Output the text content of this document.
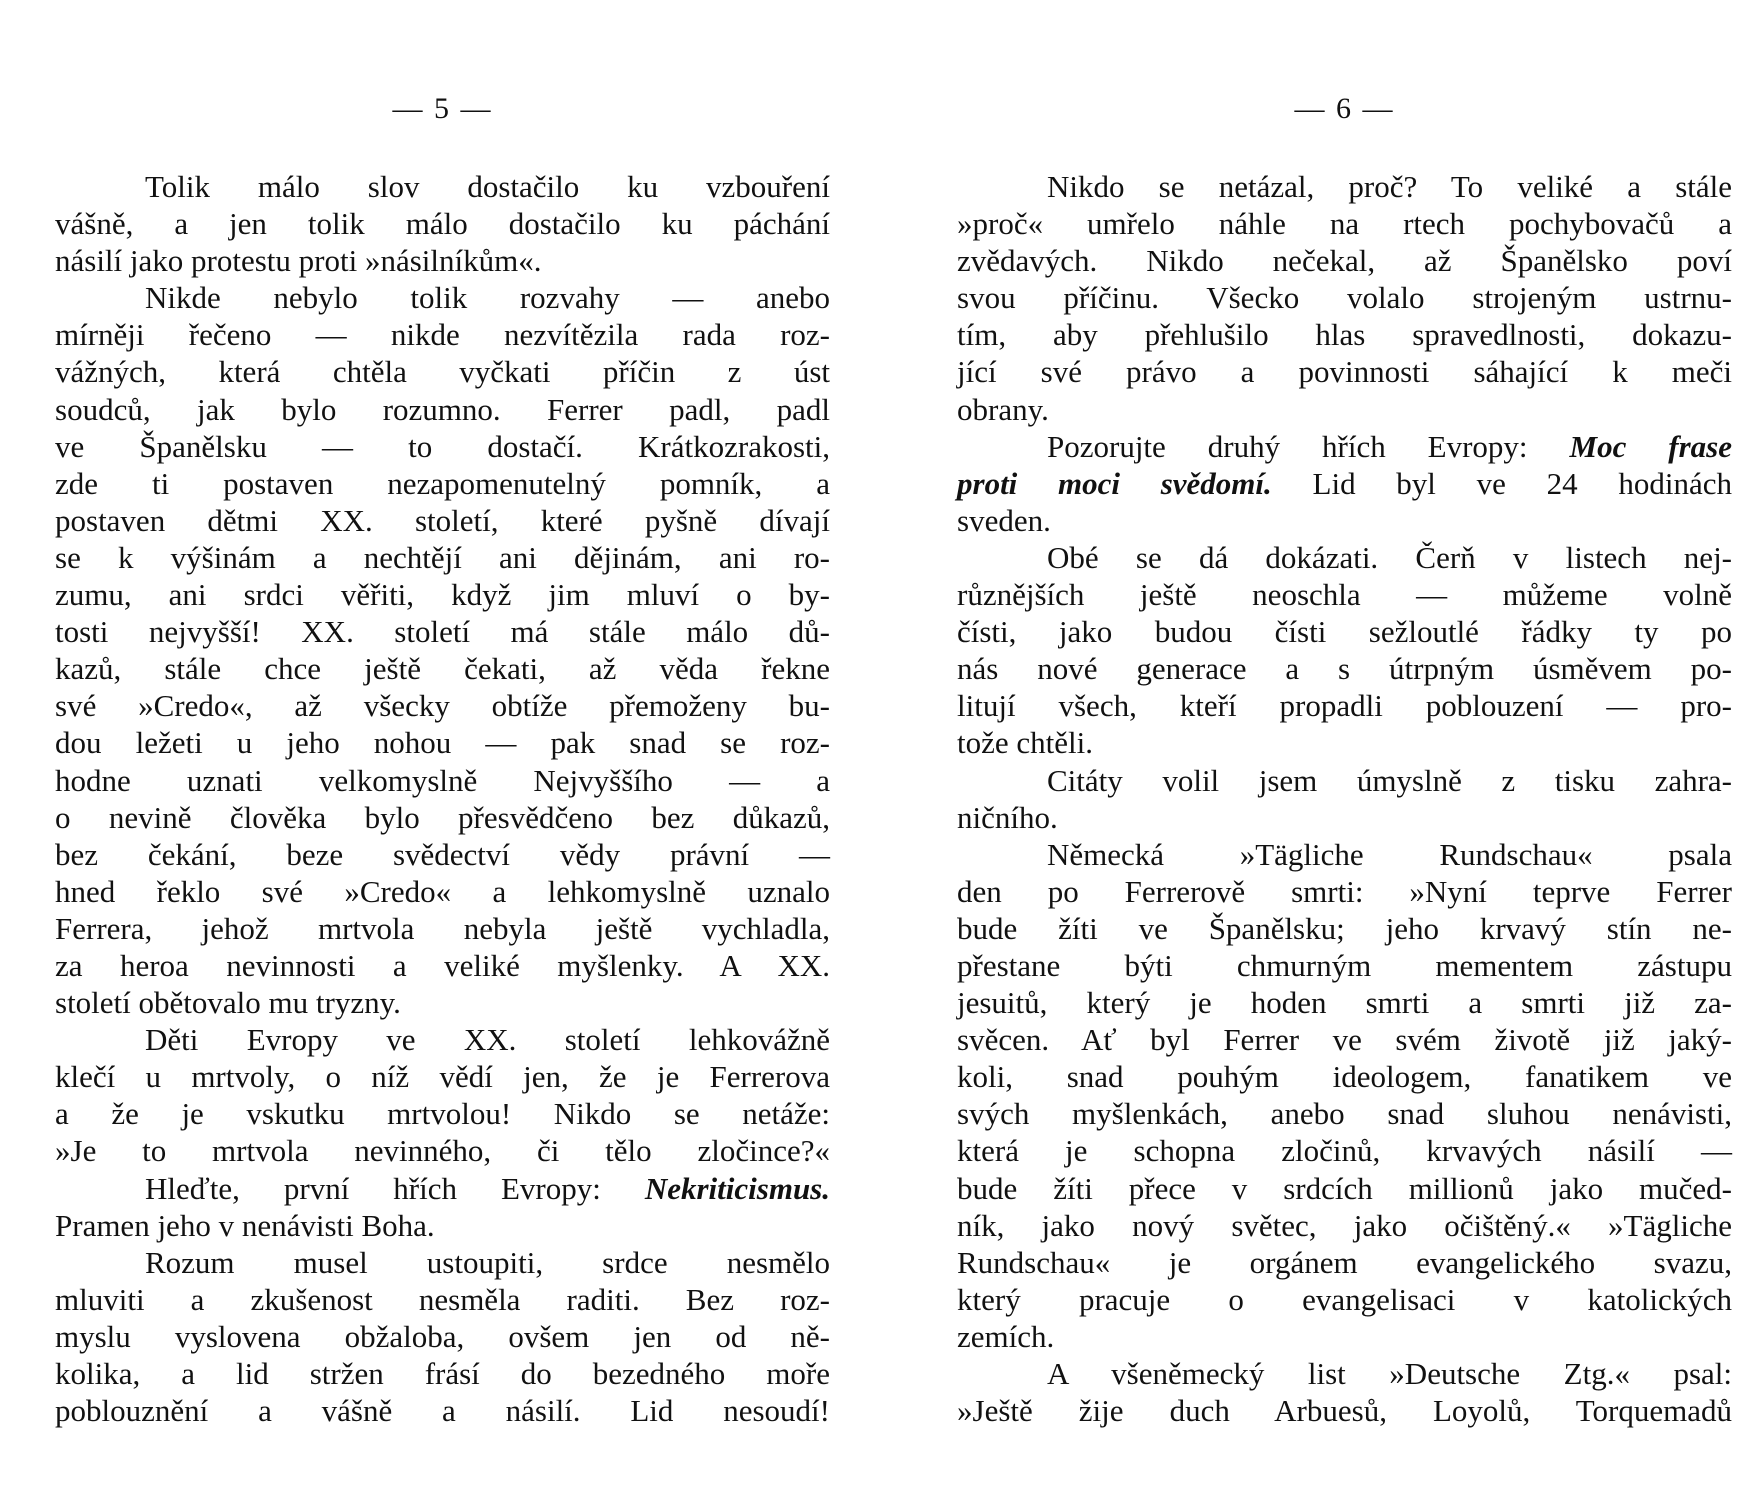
— 5 —

Tolik málo slov dostačilo ku vzbouření

vášně, a jen tolik málo dostačilo ku páchání

násilí jako protestu proti »násilníkům«.

Nikde nebylo tolik rozvahy — anebo

mírněji řečeno — nikde nezvítězila rada roz-

vážných, která chtěla vyčkati příčin z úst

soudců, jak bylo rozumno. Ferrer padl, padl

ve Španělsku — to dostačí. Krátkozrakosti,

zde ti postaven nezapomenutelný pomník, a

postaven dětmi XX. století, které pyšně dívají

se k výšinám a nechtějí ani dějinám, ani ro-

zumu, ani srdci věřiti, když jim mluví o by-

tosti nejvyšší! XX. století má stále málo dů-

kazů, stále chce ještě čekati, až věda řekne

své »Credo«, až všecky obtíže přemoženy bu-

dou ležeti u jeho nohou — pak snad se roz-

hodne uznati velkomyslně Nejvyššího — a

o nevině člověka bylo přesvědčeno bez důkazů,

bez čekání, beze svědectví vědy právní —

hned řeklo své »Credo« a lehkomyslně uznalo

Ferrera, jehož mrtvola nebyla ještě vychladla,

za heroa nevinnosti a veliké myšlenky. A XX.

století obětovalo mu tryzny.

Děti Evropy ve XX. století lehkovážně

klečí u mrtvoly, o níž vědí jen, že je Ferrerova

a že je vskutku mrtvolou! Nikdo se netáže:

»Je to mrtvola nevinného, či tělo zločince?«

Hleďte, první hřích Evropy: Nekriticismus.

Pramen jeho v nenávisti Boha.

Rozum musel ustoupiti, srdce nesmělo

mluviti a zkušenost nesměla raditi. Bez roz-

myslu vyslovena obžaloba, ovšem jen od ně-

kolika, a lid stržen frásí do bezedného moře

poblouznění a vášně a násilí. Lid nesoudí!

— 6 —

Nikdo se netázal, proč? To veliké a stále

»proč« umřelo náhle na rtech pochybovačů a

zvědavých. Nikdo nečekal, až Španělsko poví

svou příčinu. Všecko volalo strojeným ustrnu-

tím, aby přehlušilo hlas spravedlnosti, dokazu-

jící své právo a povinnosti sáhající k meči

obrany.

Pozorujte druhý hřích Evropy: Moc frase

proti moci svědomí. Lid byl ve 24 hodinách

sveden.

Obé se dá dokázati. Čerň v listech nej-

různějších ještě neoschla — můžeme volně

čísti, jako budou čísti sežloutlé řádky ty po

nás nové generace a s útrpným úsměvem po-

litují všech, kteří propadli poblouzení — pro-

tože chtěli.

Citáty volil jsem úmyslně z tisku zahra-

ničního.

Německá »Tägliche Rundschau« psala

den po Ferrerově smrti: »Nyní teprve Ferrer

bude žíti ve Španělsku; jeho krvavý stín ne-

přestane býti chmurným mementem zástupu

jesuitů, který je hoden smrti a smrti již za-

svěcen. Ať byl Ferrer ve svém životě již jaký-

koli, snad pouhým ideologem, fanatikem ve

svých myšlenkách, anebo snad sluhou nenávisti,

která je schopna zločinů, krvavých násilí —

bude žíti přece v srdcích millionů jako mučed-

ník, jako nový světec, jako očištěný.« »Tägliche

Rundschau« je orgánem evangelického svazu,

který pracuje o evangelisaci v katolických

zemích.

A všeněmecký list »Deutsche Ztg.« psal:

»Ještě žije duch Arbuesů, Loyolů, Torquemadů
